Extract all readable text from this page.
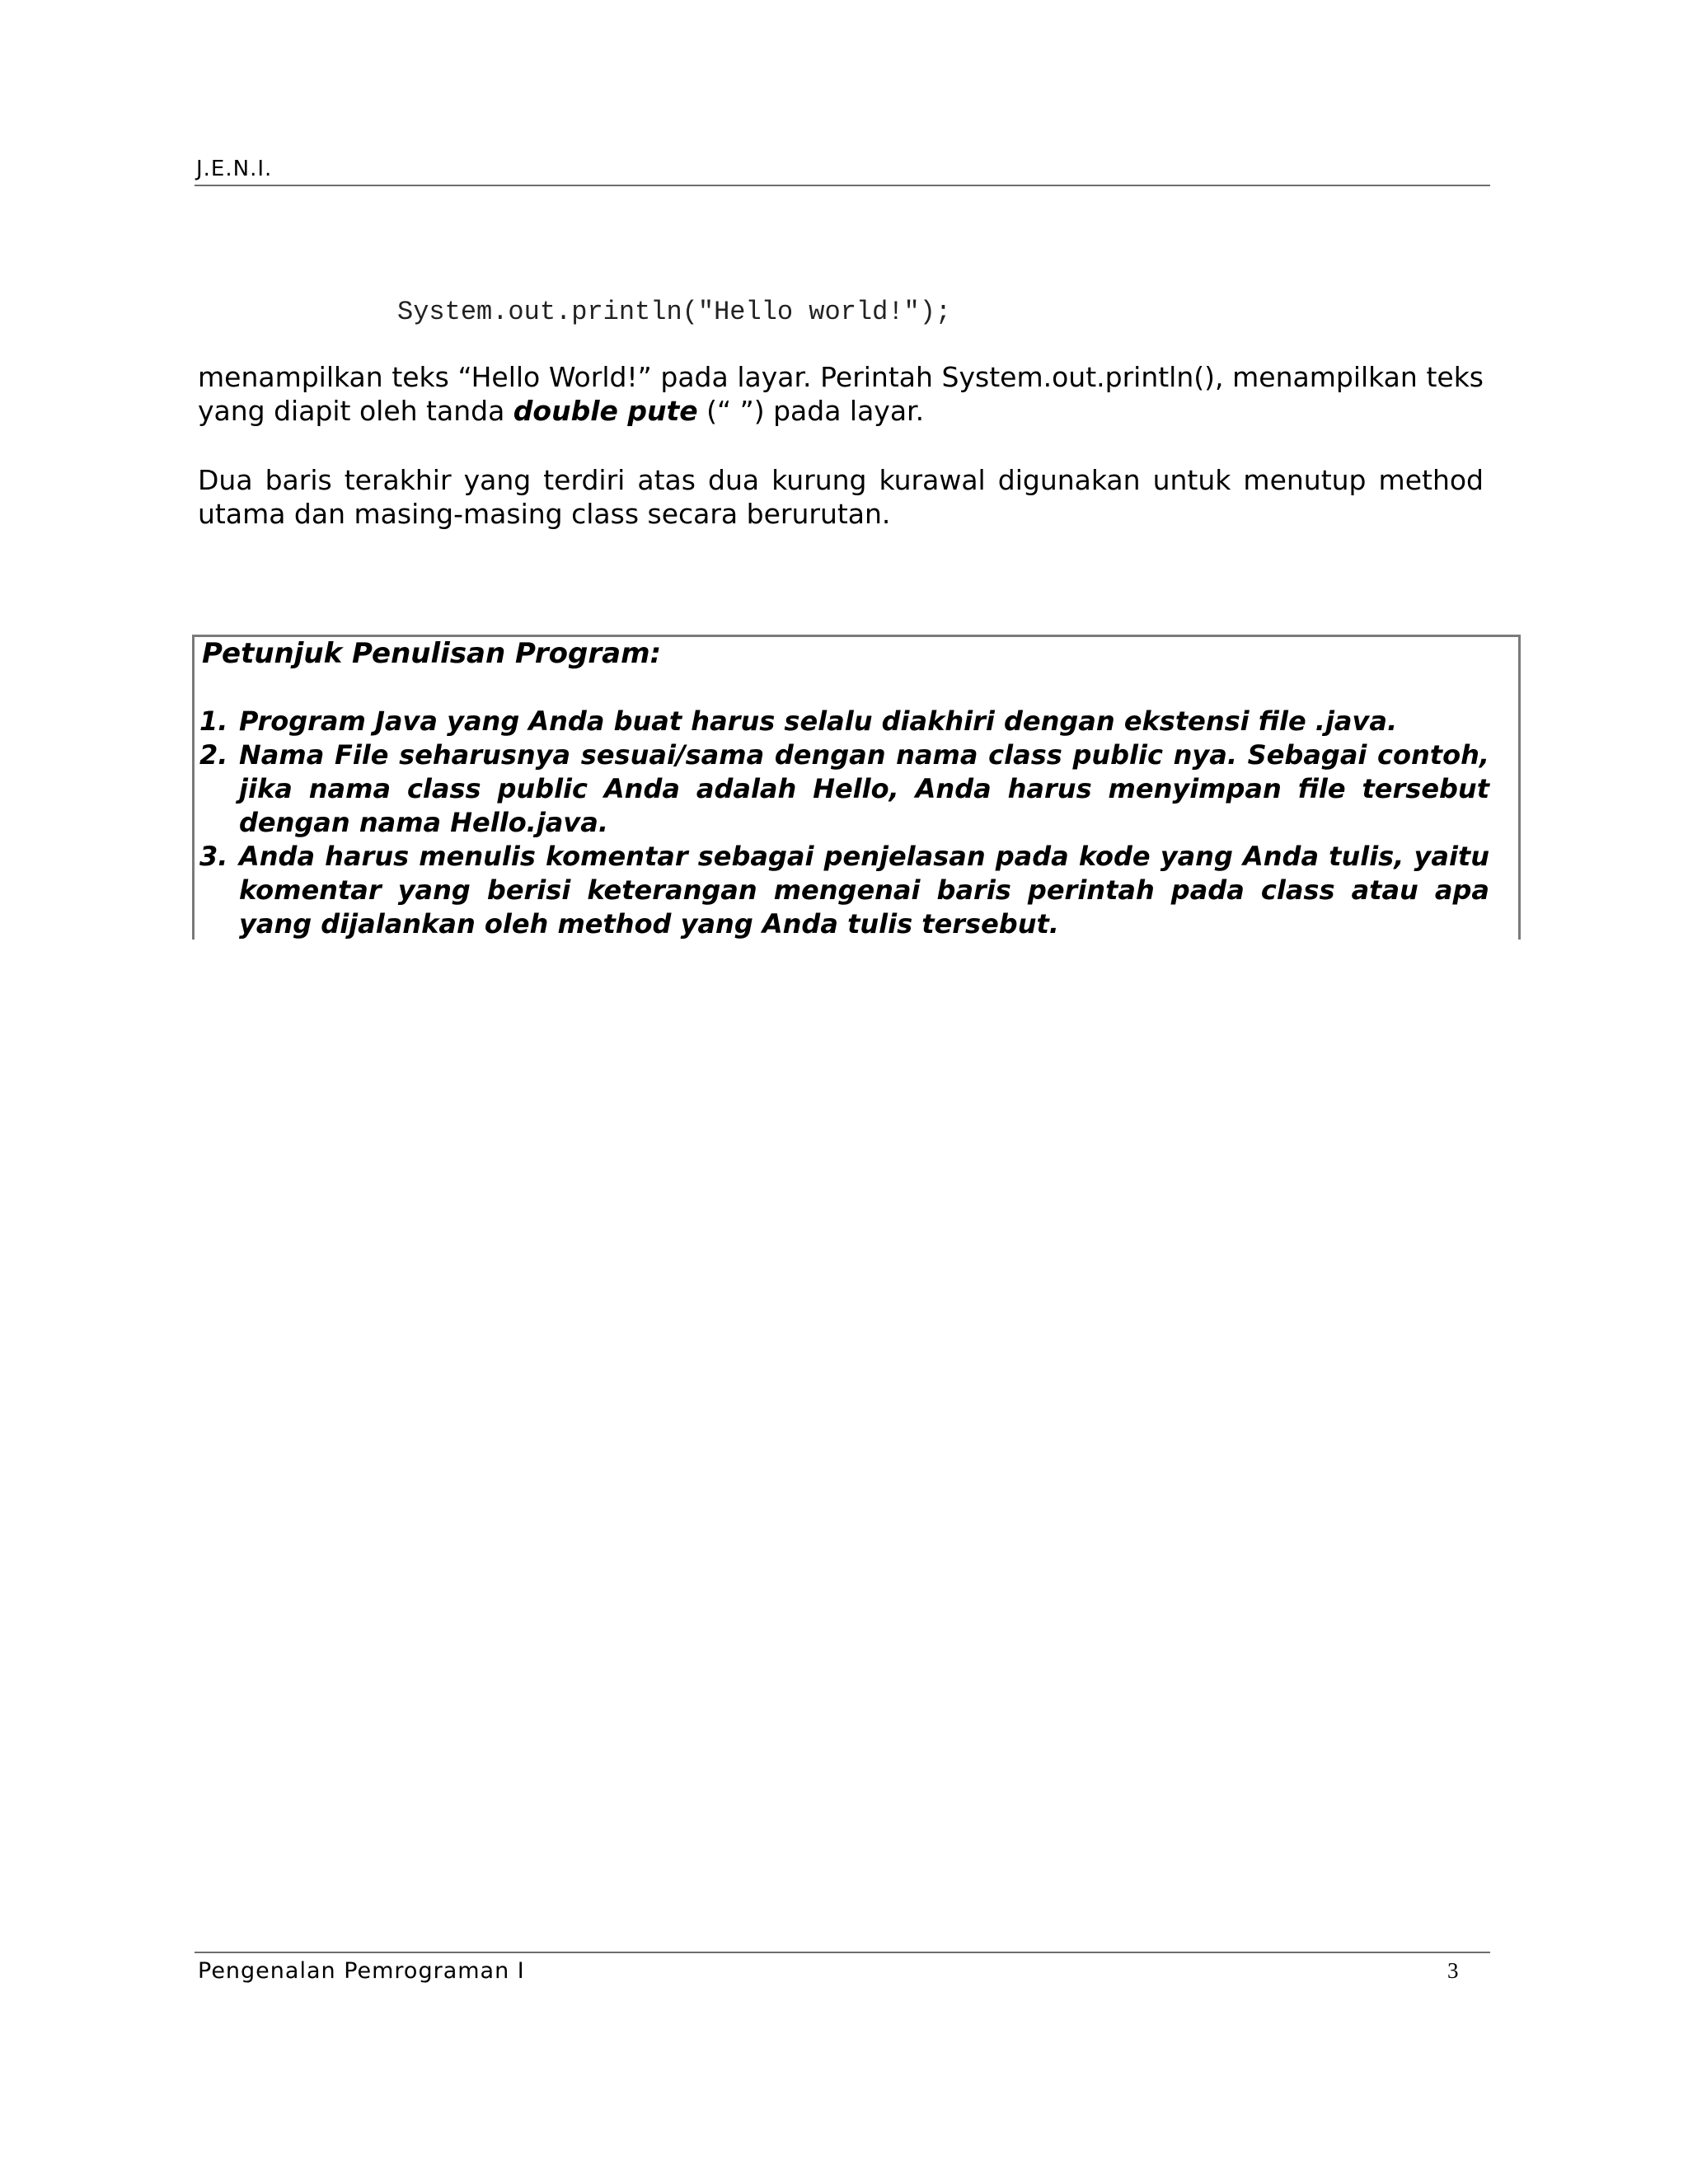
J.E.N.I.
System.out.println("Hello world!");

menampilkan teks “Hello World!” pada layar. Perintah System.out.println(), menampilkan teks yang diapit oleh tanda double pute (“ ”) pada layar.

Dua baris terakhir yang terdiri atas dua kurung kurawal digunakan untuk menutup method utama dan masing-masing class secara berurutan.

Petunjuk Penulisan Program:
1. Program Java yang Anda buat harus selalu diakhiri dengan ekstensi file .java.
2. Nama File seharusnya sesuai/sama dengan nama class public nya. Sebagai contoh, jika nama class public Anda adalah Hello, Anda harus menyimpan file tersebut dengan nama Hello.java.
3. Anda harus menulis komentar sebagai penjelasan pada kode yang Anda tulis, yaitu komentar yang berisi keterangan mengenai baris perintah pada class atau apa yang dijalankan oleh method yang Anda tulis tersebut.
Pengenalan Pemrograman I	3
